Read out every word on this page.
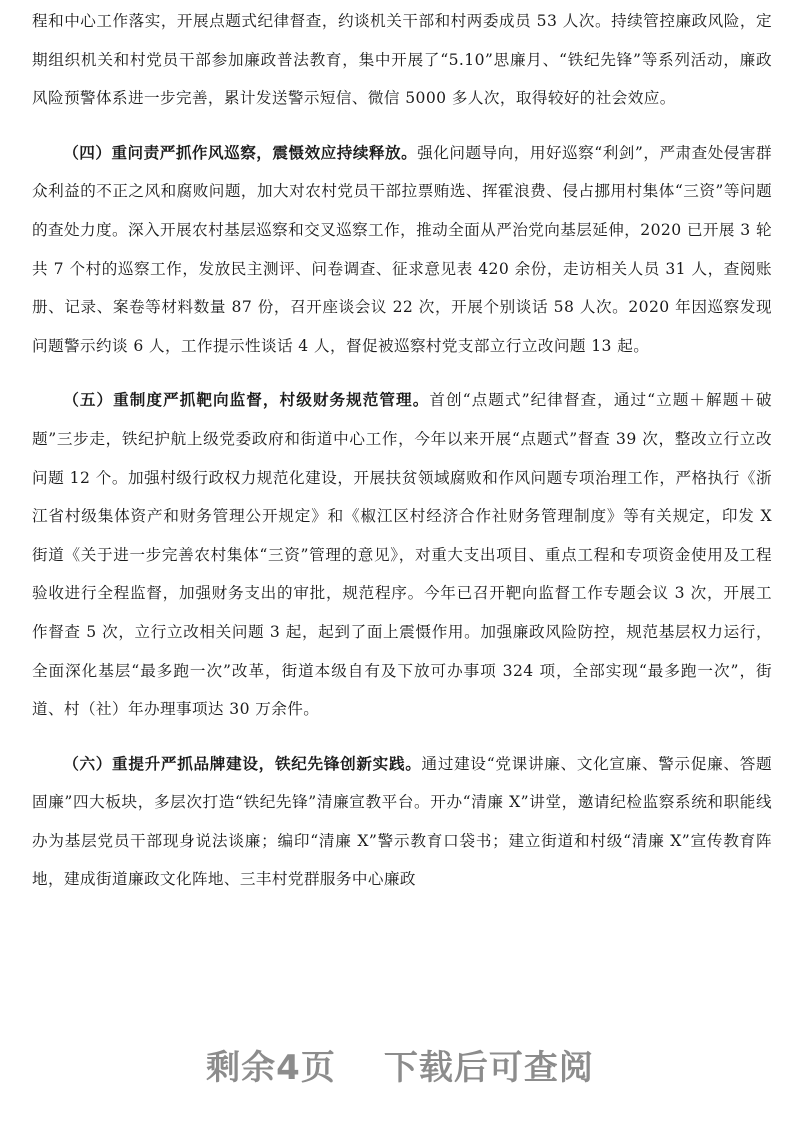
程和中心工作落实，开展点题式纪律督查，约谈机关干部和村两委成员 53 人次。持续管控廉政风险，定期组织机关和村党员干部参加廉政普法教育，集中开展了“5.10”思廉月、“铁纪先锋”等系列活动，廉政风险预警体系进一步完善，累计发送警示短信、微信 5000 多人次，取得较好的社会效应。

（四）重问责严抓作风巡察，震慑效应持续释放。强化问题导向，用好巡察“利剑”，严肃查处侵害群众利益的不正之风和腐败问题，加大对农村党员干部拉票贿选、挥霍浪费、侵占挪用村集体“三资”等问题的查处力度。深入开展农村基层巡察和交叉巡察工作，推动全面从严治党向基层延伸，2020 已开展 3 轮共 7 个村的巡察工作，发放民主测评、问卷调查、征求意见表 420 余份，走访相关人员 31 人，查阅账册、记录、案卷等材料数量 87 份，召开座谈会议 22 次，开展个别谈话 58 人次。2020 年因巡察发现问题警示约谈 6 人，工作提示性谈话 4 人，督促被巡察村党支部立行立改问题 13 起。

（五）重制度严抓靶向监督，村级财务规范管理。首创“点题式”纪律督查，通过“立题＋解题＋破题”三步走，铁纪护航上级党委政府和街道中心工作，今年以来开展“点题式”督查 39 次，整改立行立改问题 12 个。加强村级行政权力规范化建设，开展扶贫领域腐败和作风问题专项治理工作，严格执行《浙江省村级集体资产和财务管理公开规定》和《椒江区村经济合作社财务管理制度》等有关规定，印发 X 街道《关于进一步完善农村集体“三资”管理的意见》，对重大支出项目、重点工程和专项资金使用及工程验收进行全程监督，加强财务支出的审批，规范程序。今年已召开靶向监督工作专题会议 3 次，开展工作督查 5 次，立行立改相关问题 3 起，起到了面上震慑作用。加强廉政风险防控，规范基层权力运行，全面深化基层“最多跑一次”改革，街道本级自有及下放可办事项 324 项，全部实现“最多跑一次”，街道、村（社）年办理事项达 30 万余件。

（六）重提升严抓品牌建设，铁纪先锋创新实践。通过建设“党课讲廉、文化宣廉、警示促廉、答题固廉”四大板块，多层次打造“铁纪先锋”清廉宣教平台。开办“清廉 X”讲堂，邀请纪检监察系统和职能线办为基层党员干部现身说法谈廉；编印“清廉 X”警示教育口袋书；建立街道和村级“清廉 X”宣传教育阵地，建成街道廉政文化阵地、三丰村党群服务中心廉政

剩余4页 下载后可查阅
